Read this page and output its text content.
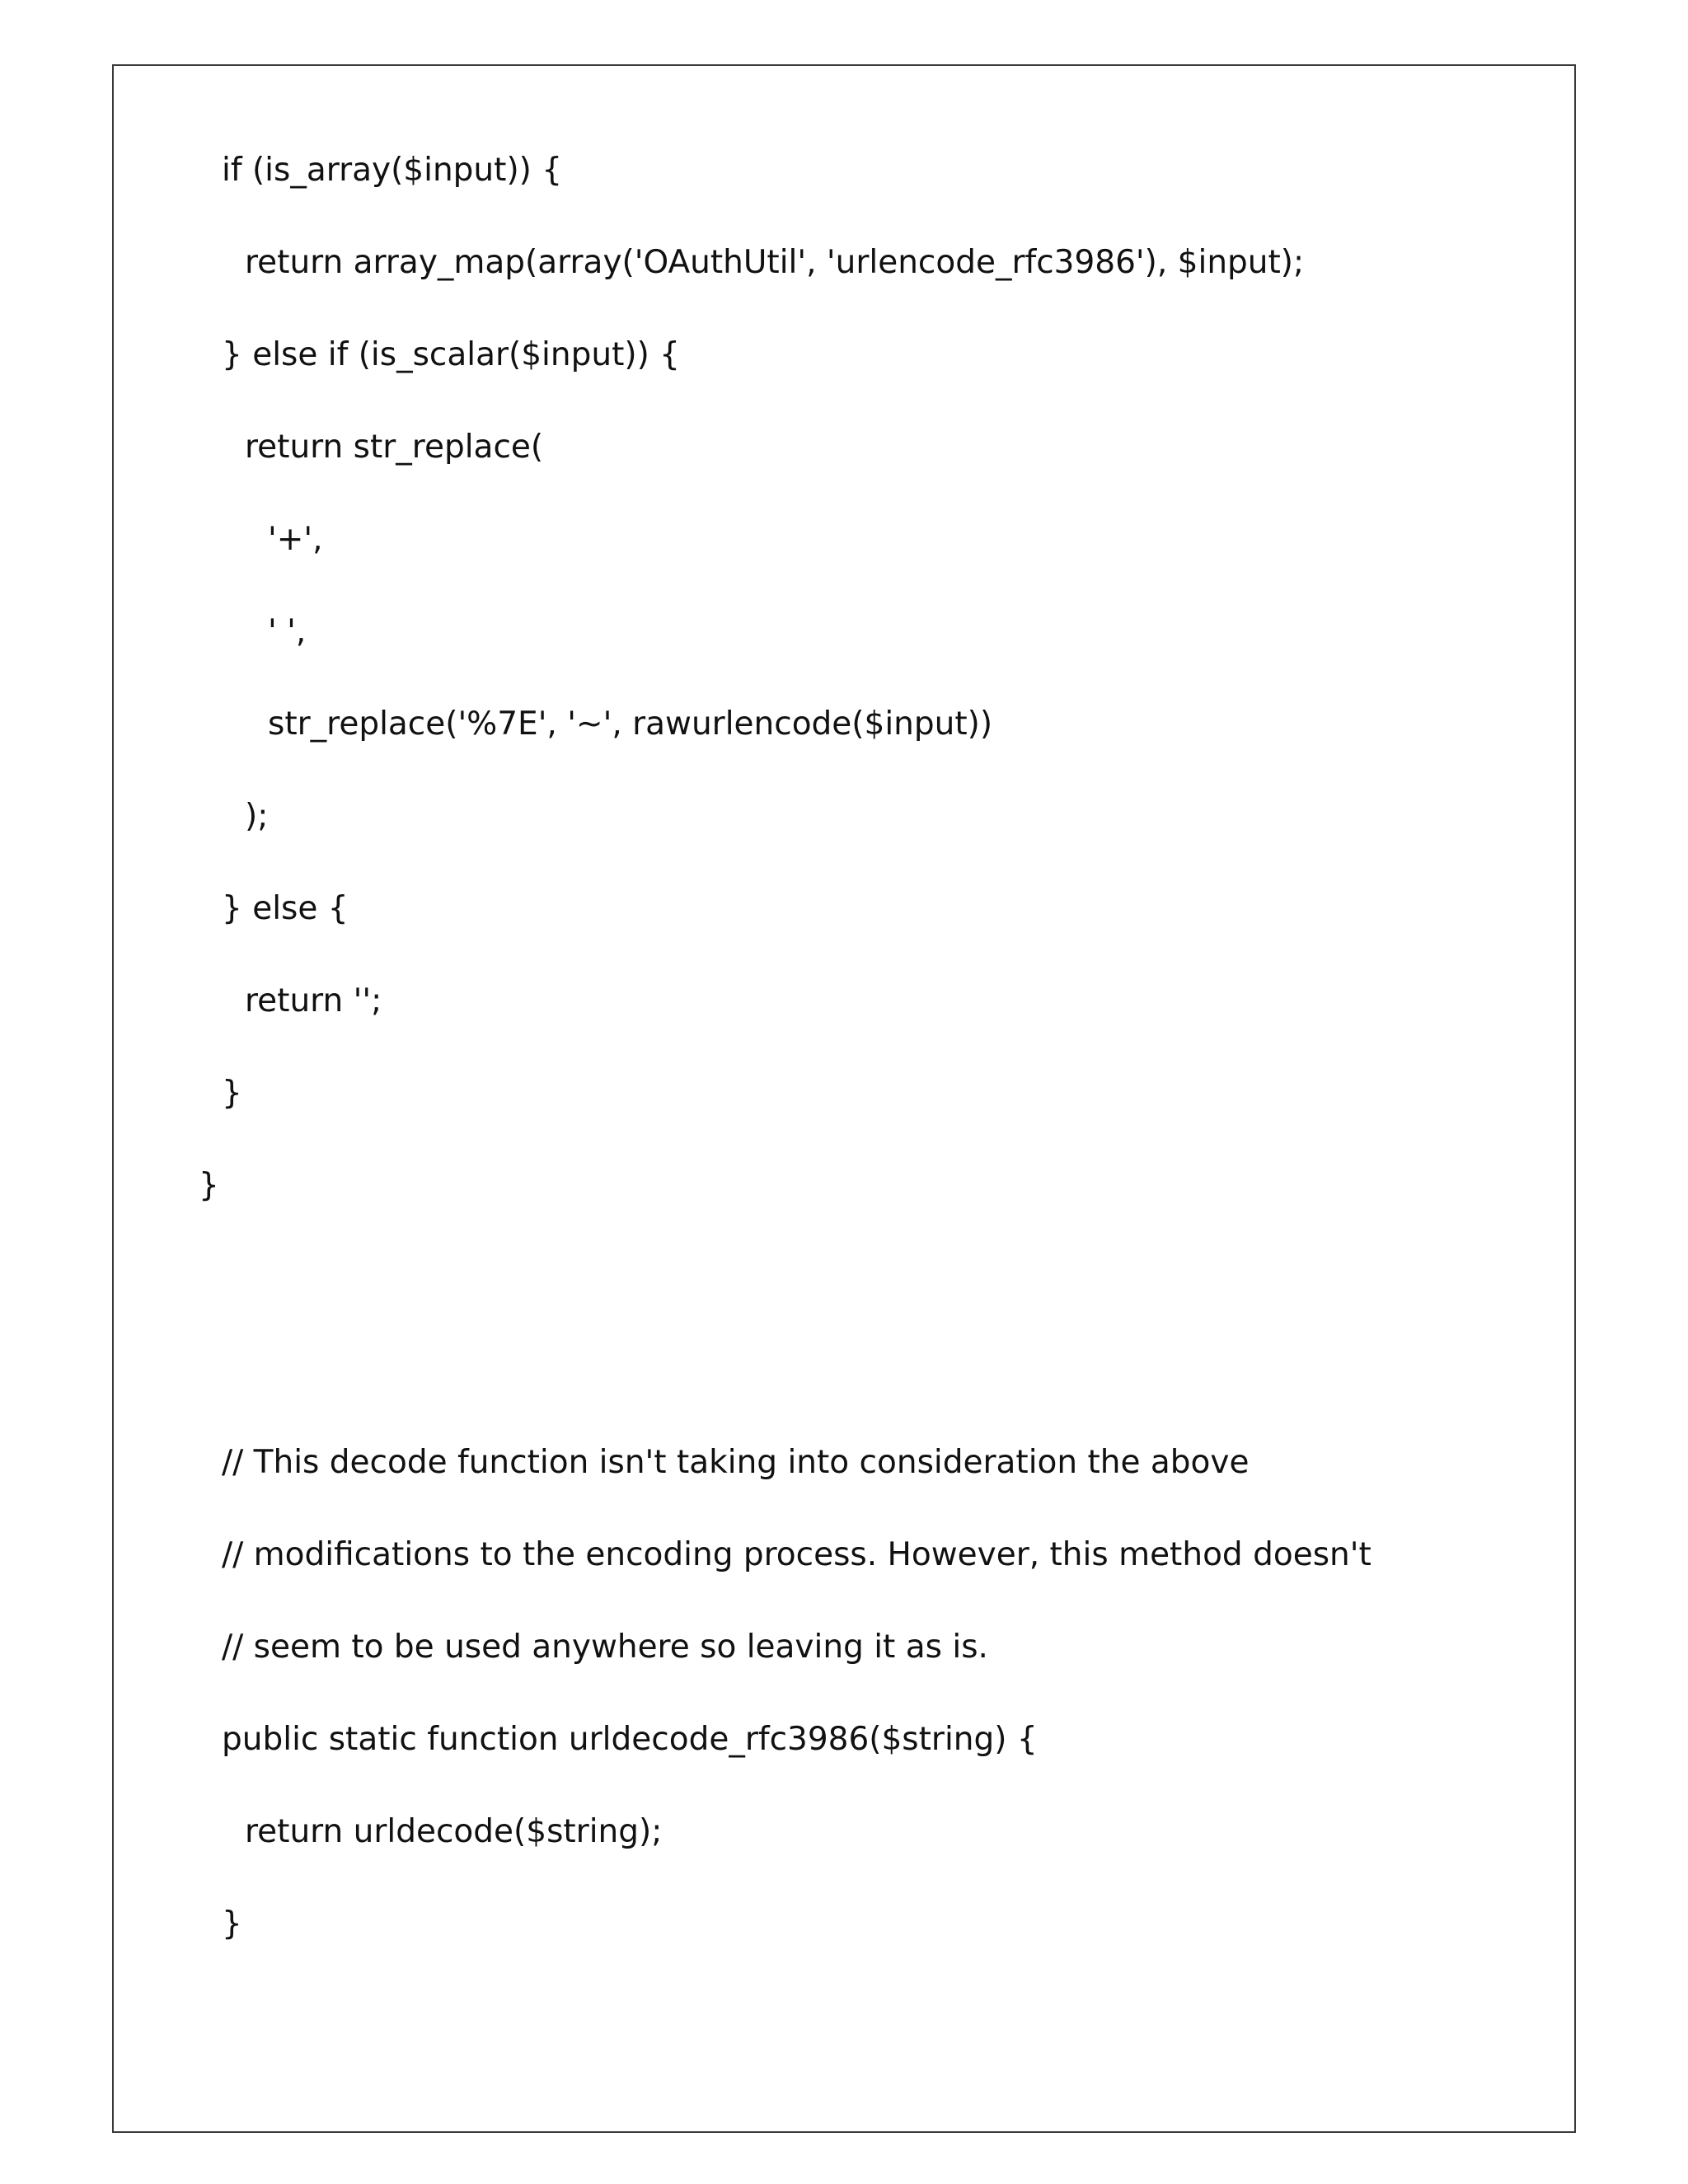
if (is_array($input)) {
return array_map(array('OAuthUtil', 'urlencode_rfc3986'), $input);
} else if (is_scalar($input)) {
return str_replace(
'+',
' ',
str_replace('%7E', '~', rawurlencode($input))
);
} else {
return '';
}
}
// This decode function isn't taking into consideration the above
// modifications to the encoding process. However, this method doesn't
// seem to be used anywhere so leaving it as is.
public static function urldecode_rfc3986($string) {
return urldecode($string);
}
